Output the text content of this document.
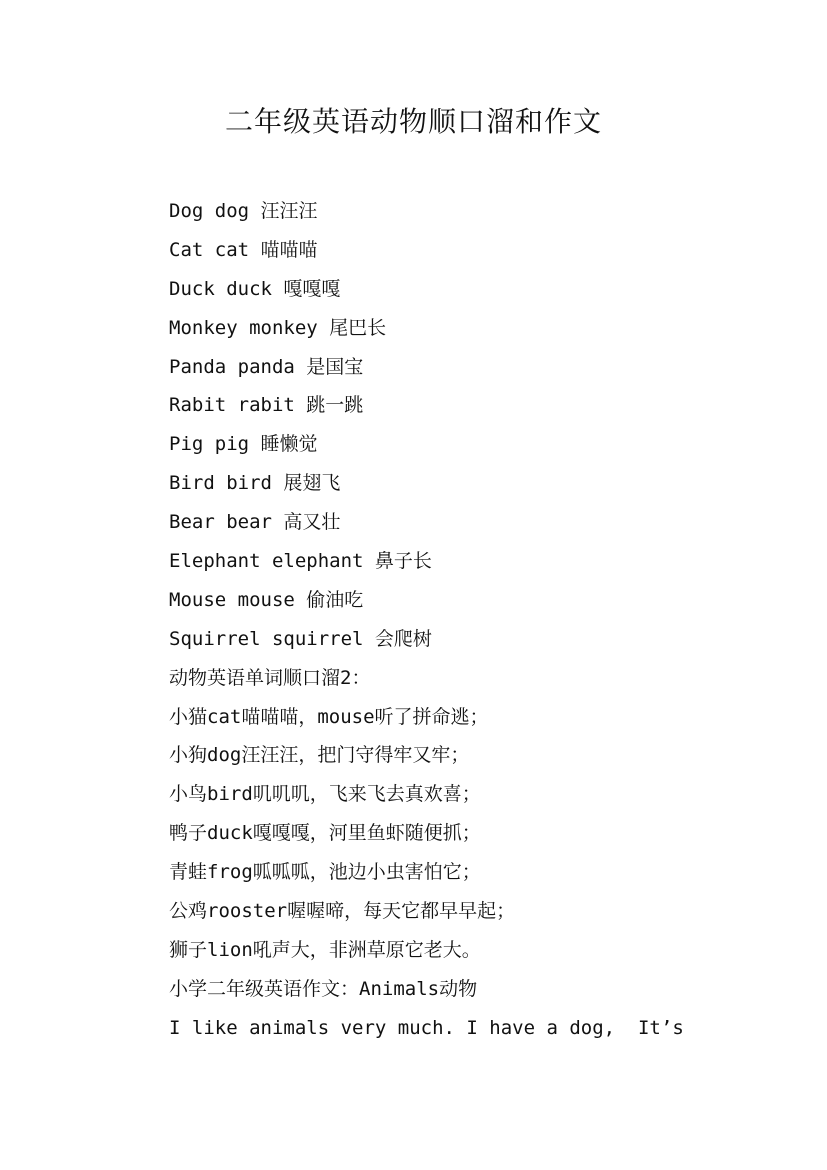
二年级英语动物顺口溜和作文
Dog dog 汪汪汪
Cat cat 喵喵喵
Duck duck 嘎嘎嘎
Monkey monkey 尾巴长
Panda panda 是国宝
Rabit rabit 跳一跳
Pig pig 睡懒觉
Bird bird 展翅飞
Bear bear 高又壮
Elephant elephant 鼻子长
Mouse mouse 偷油吃
Squirrel squirrel 会爬树
动物英语单词顺口溜2：
小猫cat喵喵喵，mouse听了拼命逃；
小狗dog汪汪汪，把门守得牢又牢；
小鸟bird叽叽叽，飞来飞去真欢喜；
鸭子duck嘎嘎嘎，河里鱼虾随便抓；
青蛙frog呱呱呱，池边小虫害怕它；
公鸡rooster喔喔啼，每天它都早早起；
狮子lion吼声大，非洲草原它老大。
小学二年级英语作文：Animals动物
I like animals very much. I have a dog,  It’s
